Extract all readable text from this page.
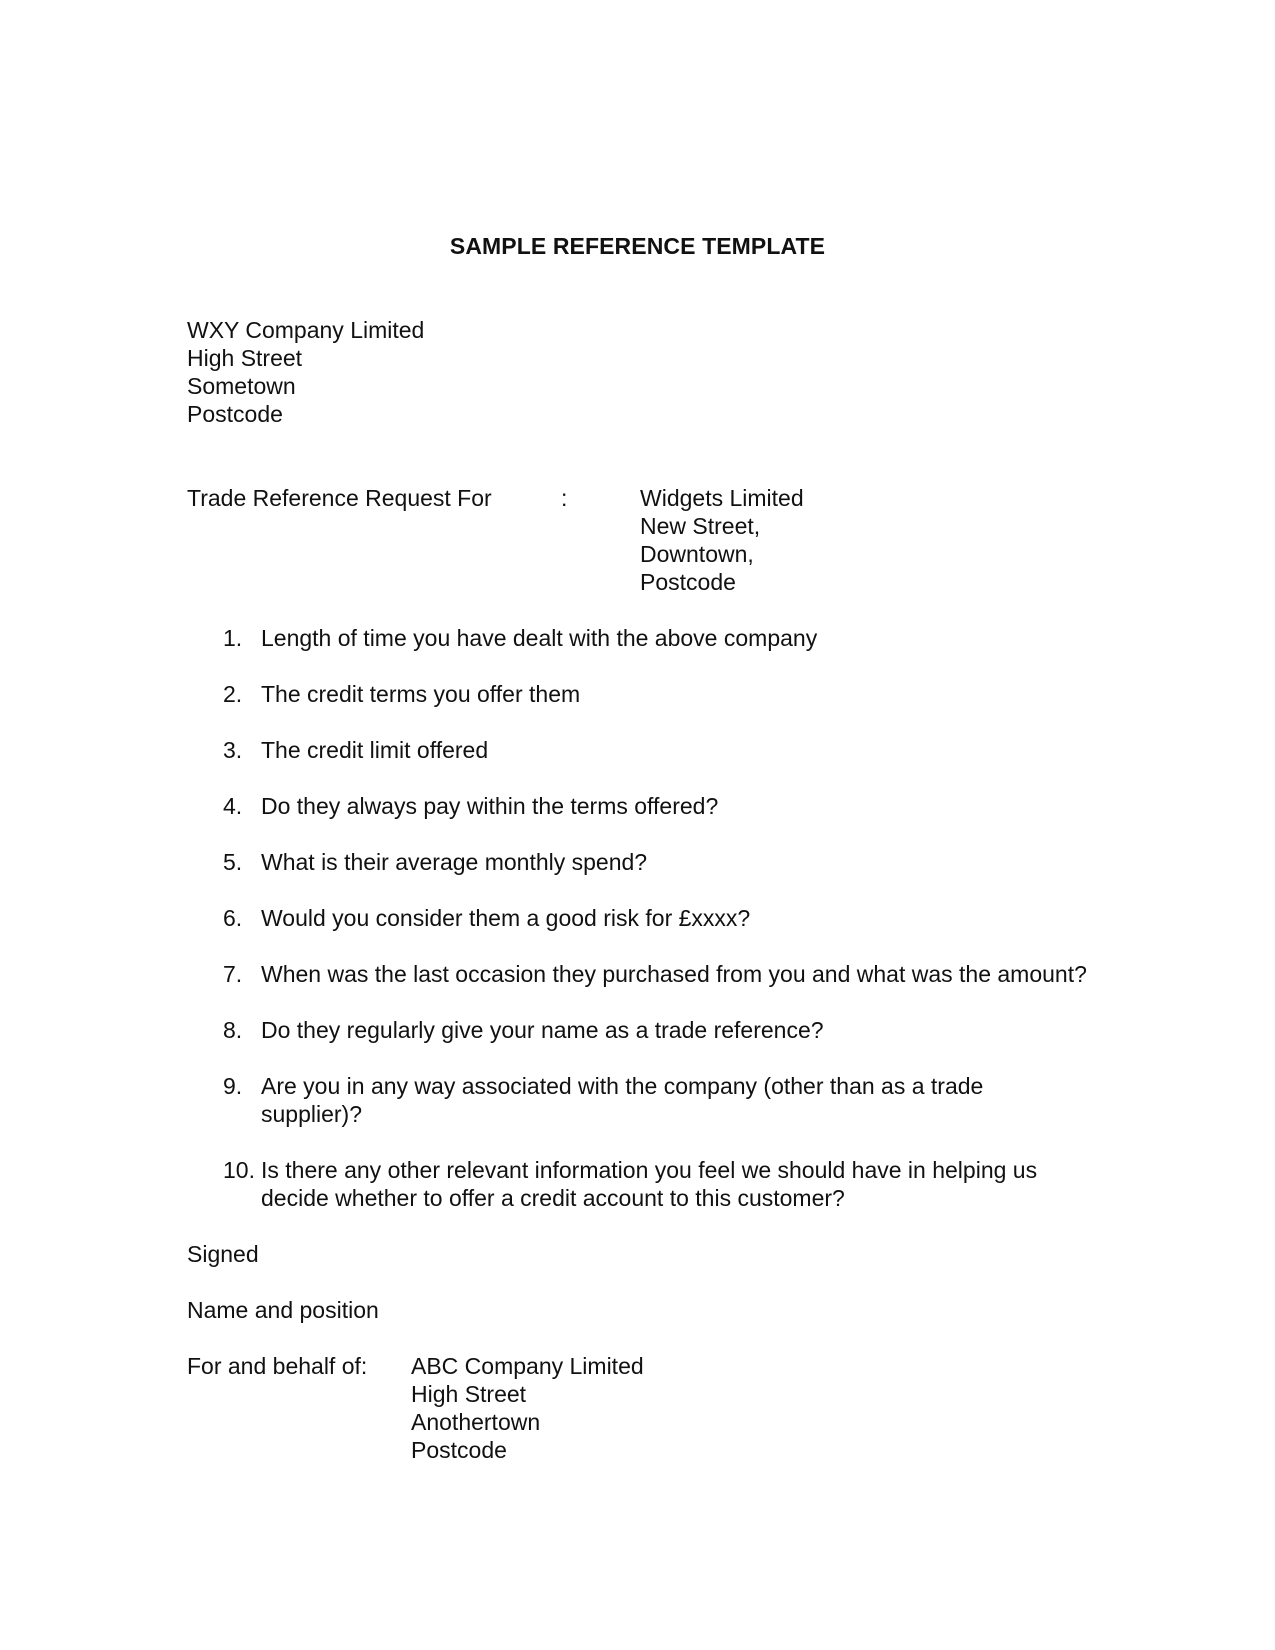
SAMPLE REFERENCE TEMPLATE
WXY Company Limited
High Street
Sometown
Postcode
Trade Reference Request For	:	Widgets Limited
New Street,
Downtown,
Postcode
1. Length of time you have dealt with the above company
2. The credit terms you offer them
3. The credit limit offered
4. Do they always pay within the terms offered?
5. What is their average monthly spend?
6. Would you consider them a good risk for £xxxx?
7. When was the last occasion they purchased from you and what was the amount?
8. Do they regularly give your name as a trade reference?
9. Are you in any way associated with the company (other than as a trade
supplier)?
10. Is there any other relevant information you feel we should have in helping us
decide whether to offer a credit account to this customer?
Signed
Name and position
For and behalf of: ABC Company Limited
High Street
Anothertown
Postcode
